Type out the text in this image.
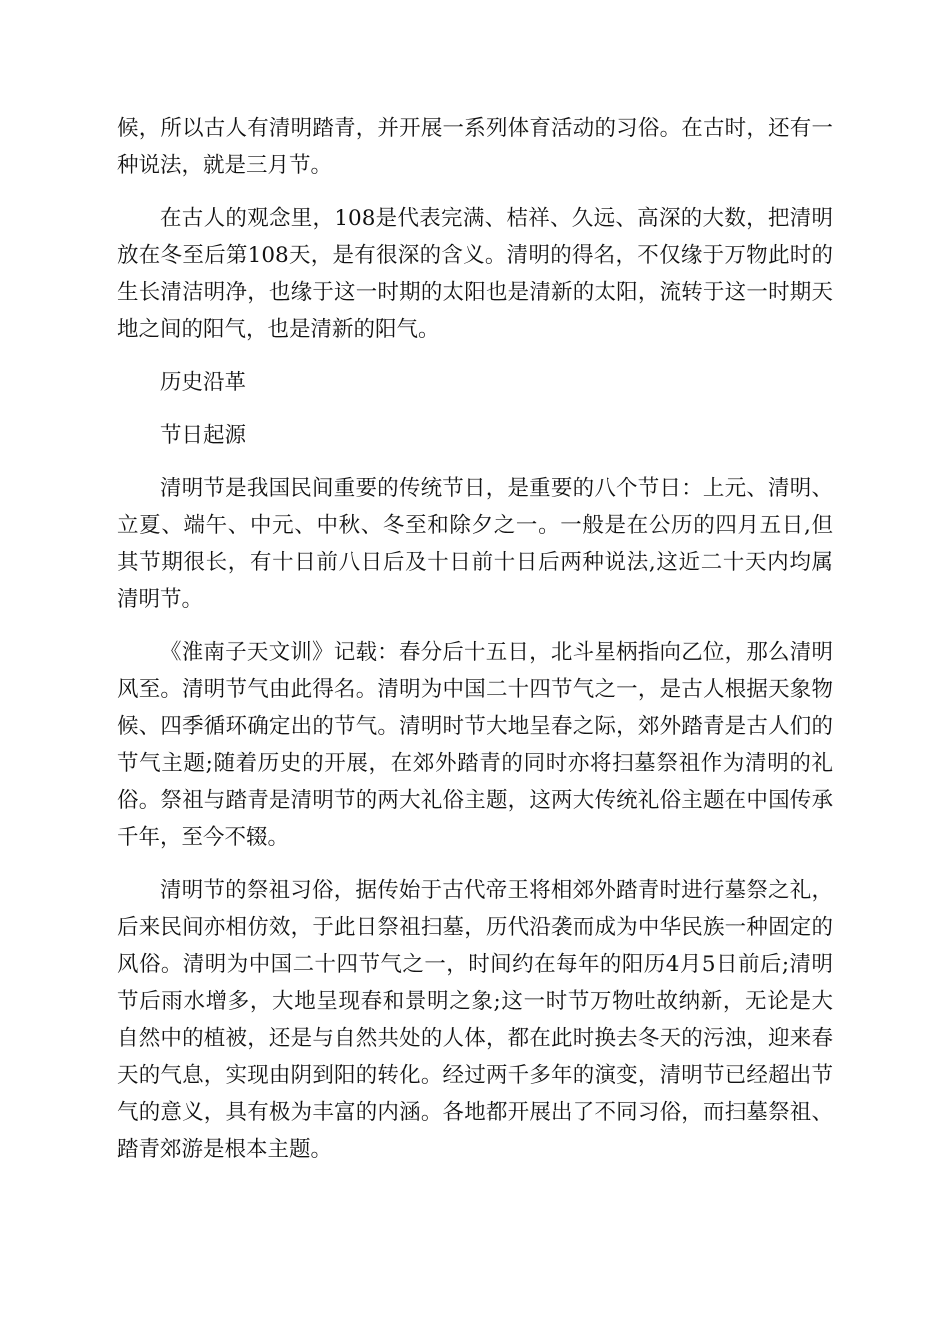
候，所以古人有清明踏青，并开展一系列体育活动的习俗。在古时，还有一种说法，就是三月节。

在古人的观念里，108是代表完满、桔祥、久远、高深的大数，把清明放在冬至后第108天，是有很深的含义。清明的得名，不仅缘于万物此时的生长清洁明净，也缘于这一时期的太阳也是清新的太阳，流转于这一时期天地之间的阳气，也是清新的阳气。

历史沿革

节日起源

清明节是我国民间重要的传统节日，是重要的八个节日：上元、清明、立夏、端午、中元、中秋、冬至和除夕之一。一般是在公历的四月五日,但其节期很长，有十日前八日后及十日前十日后两种说法,这近二十天内均属清明节。

《淮南子天文训》记载：春分后十五日，北斗星柄指向乙位，那么清明风至。清明节气由此得名。清明为中国二十四节气之一，是古人根据天象物候、四季循环确定出的节气。清明时节大地呈春之际，郊外踏青是古人们的节气主题;随着历史的开展，在郊外踏青的同时亦将扫墓祭祖作为清明的礼俗。祭祖与踏青是清明节的两大礼俗主题，这两大传统礼俗主题在中国传承千年，至今不辍。

清明节的祭祖习俗，据传始于古代帝王将相郊外踏青时进行墓祭之礼，后来民间亦相仿效，于此日祭祖扫墓，历代沿袭而成为中华民族一种固定的风俗。清明为中国二十四节气之一，时间约在每年的阳历4月5日前后;清明节后雨水增多，大地呈现春和景明之象;这一时节万物吐故纳新，无论是大自然中的植被，还是与自然共处的人体，都在此时换去冬天的污浊，迎来春天的气息，实现由阴到阳的转化。经过两千多年的演变，清明节已经超出节气的意义，具有极为丰富的内涵。各地都开展出了不同习俗，而扫墓祭祖、踏青郊游是根本主题。
